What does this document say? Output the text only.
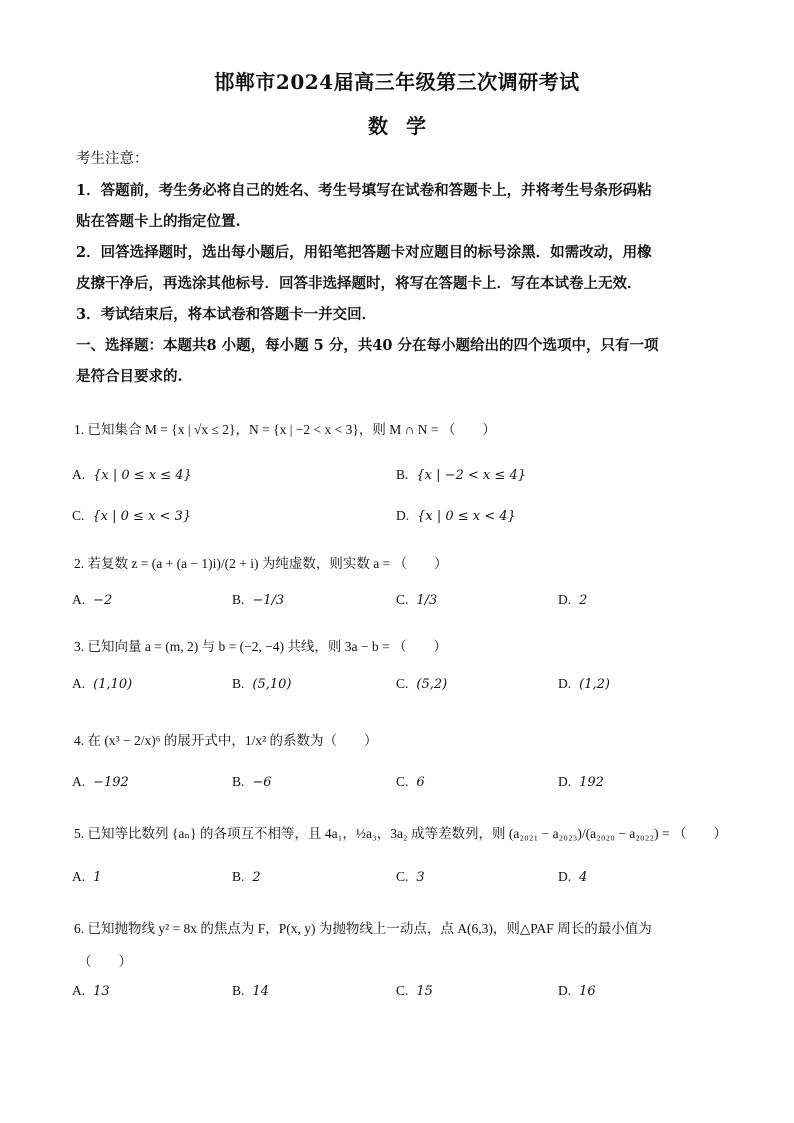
邯郸市2024届高三年级第三次调研考试
数学
考生注意：
1．答题前，考生务必将自己的姓名、考生号填写在试卷和答题卡上，并将考生号条形码粘
贴在答题卡上的指定位置.
2．回答选择题时，选出每小题后，用铅笔把答题卡对应题目的标号涂黑．如需改动，用橡
皮擦干净后，再选涂其他标号．回答非选择题时，将写在答题卡上．写在本试卷上无效．
3．考试结束后，将本试卷和答题卡一并交回．
一、选择题：本题共8 小题，每小题 5 分，共40 分在每小题给出的四个选项中，只有一项
是符合目要求的.
1. 已知集合 M = {x | √x ≤ 2}，N = {x | −2 < x < 3}，则 M ∩ N = （　　）
A. {x | 0 ≤ x ≤ 4}	B. {x | −2 < x ≤ 4}
C. {x | 0 ≤ x < 3}	D. {x | 0 ≤ x < 4}
2. 若复数 z = (a + (a − 1)i)/(2 + i) 为纯虚数，则实数 a = （　　）
A. −2	B. −1/3	C. 1/3	D. 2
3. 已知向量 a = (m, 2) 与 b = (−2, −4) 共线，则 3a − b = （　　）
A. (1,10)	B. (5,10)	C. (5,2)	D. (1,2)
4. 在 (x³ − 2/x)⁶ 的展开式中，1/x² 的系数为（　　）
A. −192	B. −6	C. 6	D. 192
5. 已知等比数列 {aₙ} 的各项互不相等，且 4a₁，½a₃，3a₂ 成等差数列，则 (a₂₀₂₁ − a₂₀₂₃)/(a₂₀₂₀ − a₂₀₂₂) = （　　）
A. 1	B. 2	C. 3	D. 4
6. 已知抛物线 y² = 8x 的焦点为 F，P(x, y) 为抛物线上一动点，点 A(6,3)，则△PAF 周长的最小值为
（　　）
A. 13	B. 14	C. 15	D. 16
